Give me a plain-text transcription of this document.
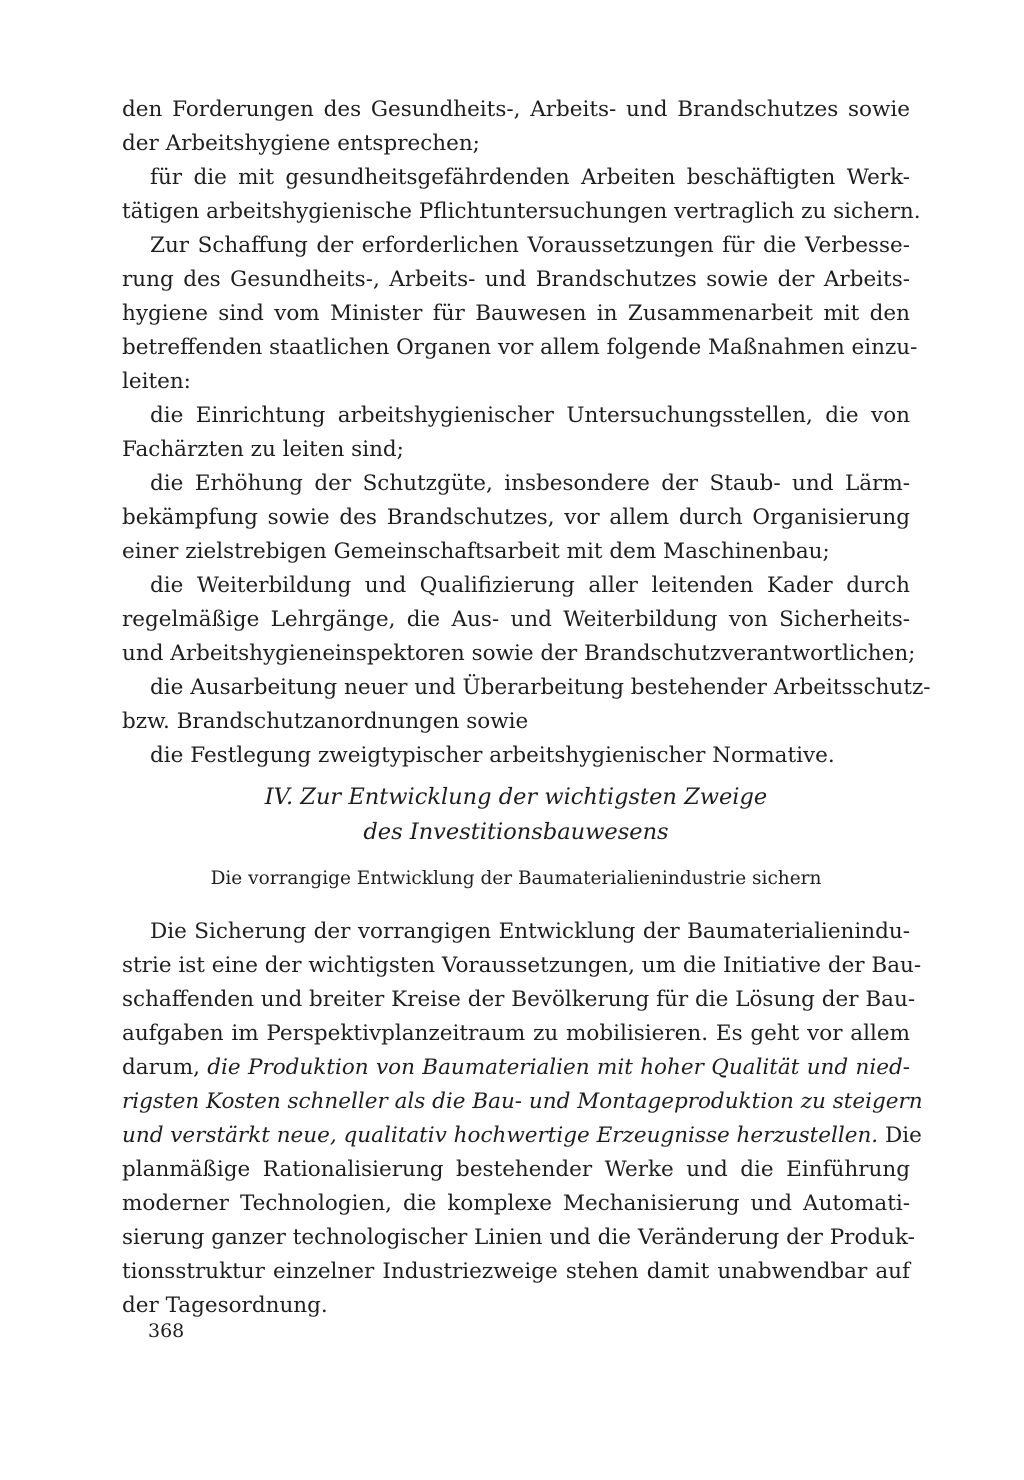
den Forderungen des Gesundheits-, Arbeits- und Brandschutzes sowie
der Arbeitshygiene entsprechen;
für die mit gesundheitsgefährdenden Arbeiten beschäftigten Werk-
tätigen arbeitshygienische Pflichtuntersuchungen vertraglich zu sichern.
Zur Schaffung der erforderlichen Voraussetzungen für die Verbesse-
rung des Gesundheits-, Arbeits- und Brandschutzes sowie der Arbeits-
hygiene sind vom Minister für Bauwesen in Zusammenarbeit mit den
betreffenden staatlichen Organen vor allem folgende Maßnahmen einzu-
leiten:
die Einrichtung arbeitshygienischer Untersuchungsstellen, die von
Fachärzten zu leiten sind;
die Erhöhung der Schutzgüte, insbesondere der Staub- und Lärm-
bekämpfung sowie des Brandschutzes, vor allem durch Organisierung
einer zielstrebigen Gemeinschaftsarbeit mit dem Maschinenbau;
die Weiterbildung und Qualifizierung aller leitenden Kader durch
regelmäßige Lehrgänge, die Aus- und Weiterbildung von Sicherheits-
und Arbeitshygieneinspektoren sowie der Brandschutzverantwortlichen;
die Ausarbeitung neuer und Überarbeitung bestehender Arbeitsschutz-
bzw. Brandschutzanordnungen sowie
die Festlegung zweigtypischer arbeitshygienischer Normative.
IV. Zur Entwicklung der wichtigsten Zweige
des Investitionsbauwesens
Die vorrangige Entwicklung der Baumaterialienindustrie sichern
Die Sicherung der vorrangigen Entwicklung der Baumaterialienindu-
strie ist eine der wichtigsten Voraussetzungen, um die Initiative der Bau-
schaffenden und breiter Kreise der Bevölkerung für die Lösung der Bau-
aufgaben im Perspektivplanzeitraum zu mobilisieren. Es geht vor allem
darum, die Produktion von Baumaterialien mit hoher Qualität und nied-
rigsten Kosten schneller als die Bau- und Montageproduktion zu steigern
und verstärkt neue, qualitativ hochwertige Erzeugnisse herzustellen. Die
planmäßige Rationalisierung bestehender Werke und die Einführung
moderner Technologien, die komplexe Mechanisierung und Automati-
sierung ganzer technologischer Linien und die Veränderung der Produk-
tionsstruktur einzelner Industriezweige stehen damit unabwendbar auf
der Tagesordnung.
368
